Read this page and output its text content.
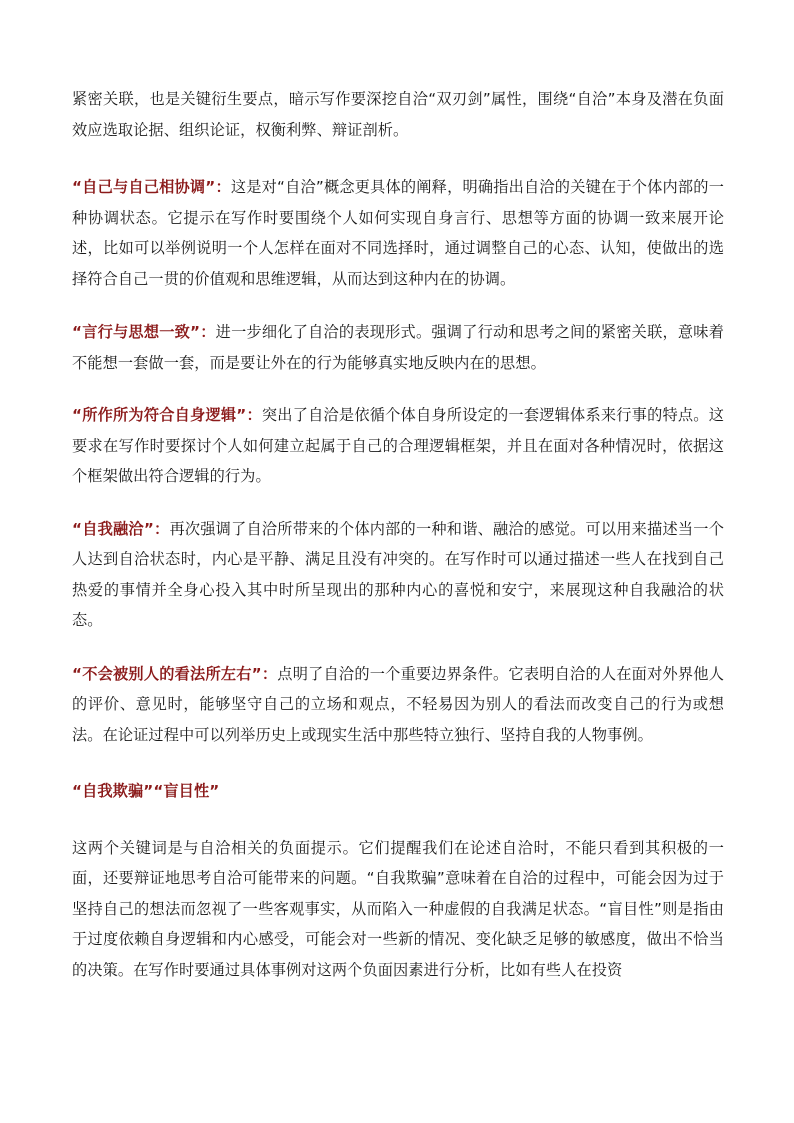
紧密关联，也是关键衍生要点，暗示写作要深挖自洽“双刃剑”属性，围绕“自洽”本身及潜在负面效应选取论据、组织论证，权衡利弊、辩证剖析。

“自己与自己相协调”：这是对“自洽”概念更具体的阐释，明确指出自洽的关键在于个体内部的一种协调状态。它提示在写作时要围绕个人如何实现自身言行、思想等方面的协调一致来展开论述，比如可以举例说明一个人怎样在面对不同选择时，通过调整自己的心态、认知，使做出的选择符合自己一贯的价值观和思维逻辑，从而达到这种内在的协调。

“言行与思想一致”：进一步细化了自洽的表现形式。强调了行动和思考之间的紧密关联，意味着不能想一套做一套，而是要让外在的行为能够真实地反映内在的思想。

“所作所为符合自身逻辑”：突出了自洽是依循个体自身所设定的一套逻辑体系来行事的特点。这要求在写作时要探讨个人如何建立起属于自己的合理逻辑框架，并且在面对各种情况时，依据这个框架做出符合逻辑的行为。

“自我融洽”：再次强调了自洽所带来的个体内部的一种和谐、融洽的感觉。可以用来描述当一个人达到自洽状态时，内心是平静、满足且没有冲突的。在写作时可以通过描述一些人在找到自己热爱的事情并全身心投入其中时所呈现出的那种内心的喜悦和安宁，来展现这种自我融洽的状态。

“不会被别人的看法所左右”：点明了自洽的一个重要边界条件。它表明自洽的人在面对外界他人的评价、意见时，能够坚守自己的立场和观点，不轻易因为别人的看法而改变自己的行为或想法。在论证过程中可以列举历史上或现实生活中那些特立独行、坚持自我的人物事例。

“自我欺骗”“盲目性”

这两个关键词是与自洽相关的负面提示。它们提醒我们在论述自洽时，不能只看到其积极的一面，还要辩证地思考自洽可能带来的问题。“自我欺骗”意味着在自洽的过程中，可能会因为过于坚持自己的想法而忽视了一些客观事实，从而陷入一种虚假的自我满足状态。“盲目性”则是指由于过度依赖自身逻辑和内心感受，可能会对一些新的情况、变化缺乏足够的敏感度，做出不恰当的决策。在写作时要通过具体事例对这两个负面因素进行分析，比如有些人在投资
